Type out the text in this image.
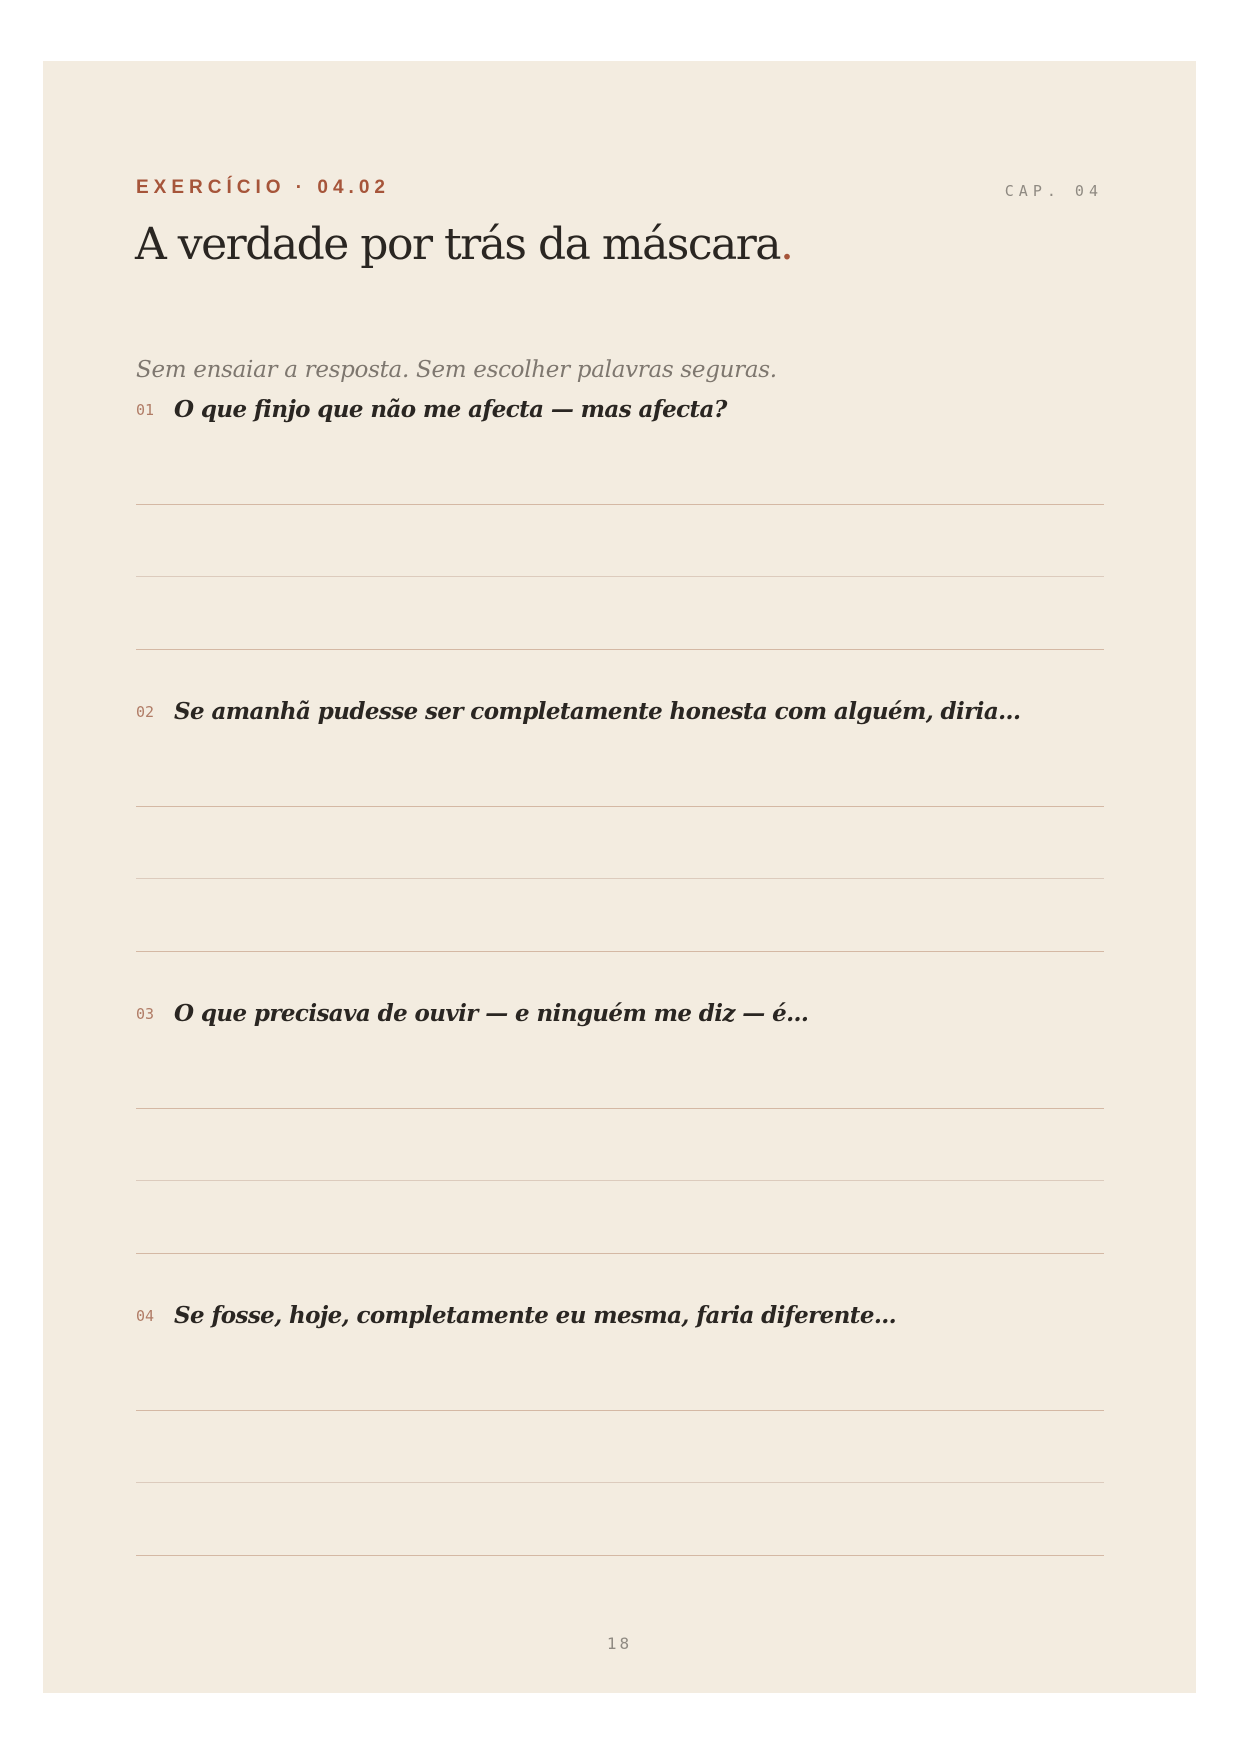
EXERCÍCIO · 04.02	CAP. 04
A verdade por trás da máscara.
Sem ensaiar a resposta. Sem escolher palavras seguras.
01 O que finjo que não me afecta — mas afecta?
02 Se amanhã pudesse ser completamente honesta com alguém, diria...
03 O que precisava de ouvir — e ninguém me diz — é...
04 Se fosse, hoje, completamente eu mesma, faria diferente...
18
